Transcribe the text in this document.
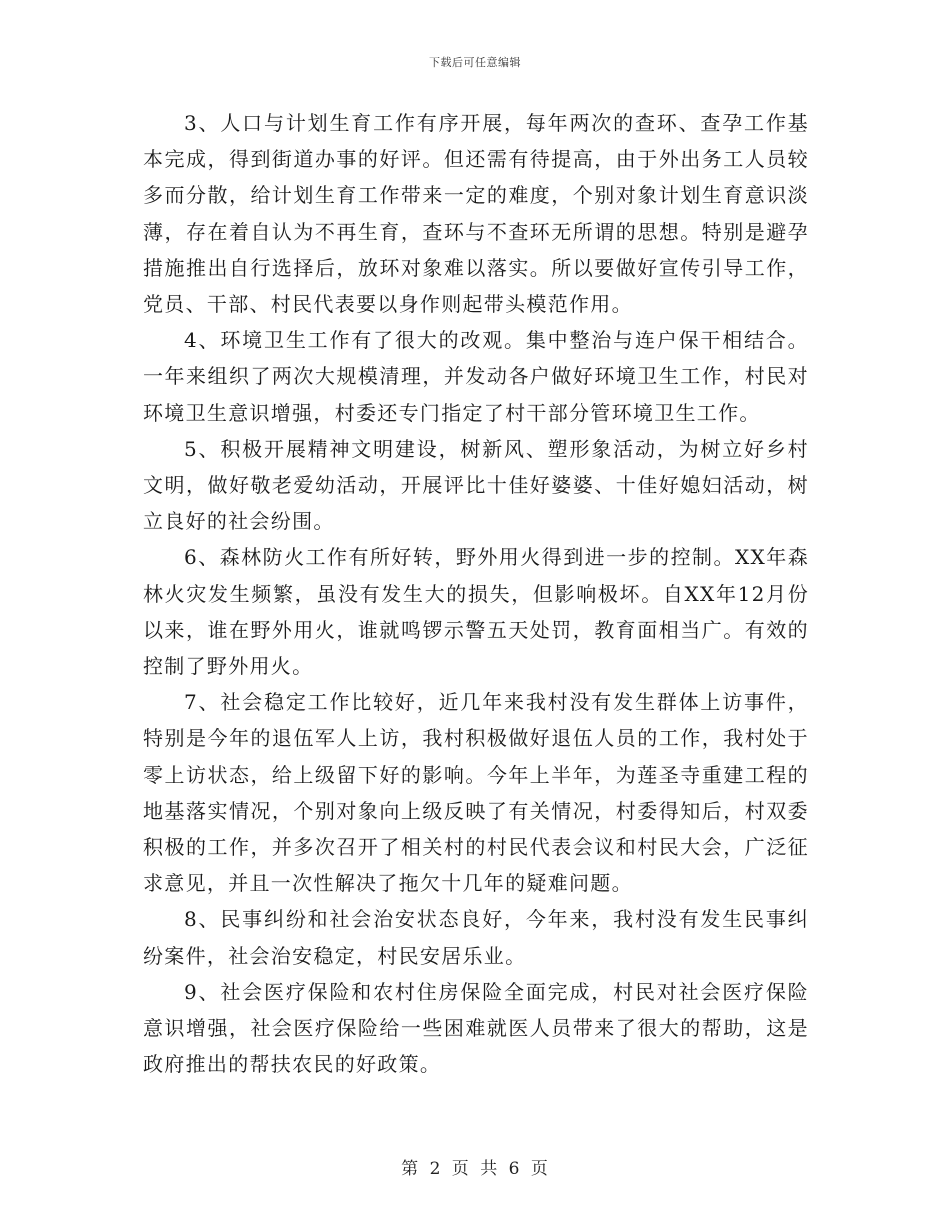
下载后可任意编辑

3、人口与计划生育工作有序开展，每年两次的查环、查孕工作基本完成，得到街道办事的好评。但还需有待提高，由于外出务工人员较多而分散，给计划生育工作带来一定的难度，个别对象计划生育意识淡薄，存在着自认为不再生育，查环与不查环无所谓的思想。特别是避孕措施推出自行选择后，放环对象难以落实。所以要做好宣传引导工作，党员、干部、村民代表要以身作则起带头模范作用。

4、环境卫生工作有了很大的改观。集中整治与连户保干相结合。一年来组织了两次大规模清理，并发动各户做好环境卫生工作，村民对环境卫生意识增强，村委还专门指定了村干部分管环境卫生工作。

5、积极开展精神文明建设，树新风、塑形象活动，为树立好乡村文明，做好敬老爱幼活动，开展评比十佳好婆婆、十佳好媳妇活动，树立良好的社会纷围。

6、森林防火工作有所好转，野外用火得到进一步的控制。XX年森林火灾发生频繁，虽没有发生大的损失，但影响极坏。自XX年12月份以来，谁在野外用火，谁就鸣锣示警五天处罚，教育面相当广。有效的控制了野外用火。

7、社会稳定工作比较好，近几年来我村没有发生群体上访事件，特别是今年的退伍军人上访，我村积极做好退伍人员的工作，我村处于零上访状态，给上级留下好的影响。今年上半年，为莲圣寺重建工程的地基落实情况，个别对象向上级反映了有关情况，村委得知后，村双委积极的工作，并多次召开了相关村的村民代表会议和村民大会，广泛征求意见，并且一次性解决了拖欠十几年的疑难问题。

8、民事纠纷和社会治安状态良好，今年来，我村没有发生民事纠纷案件，社会治安稳定，村民安居乐业。

9、社会医疗保险和农村住房保险全面完成，村民对社会医疗保险意识增强，社会医疗保险给一些困难就医人员带来了很大的帮助，这是政府推出的帮扶农民的好政策。

第 2 页 共 6 页
